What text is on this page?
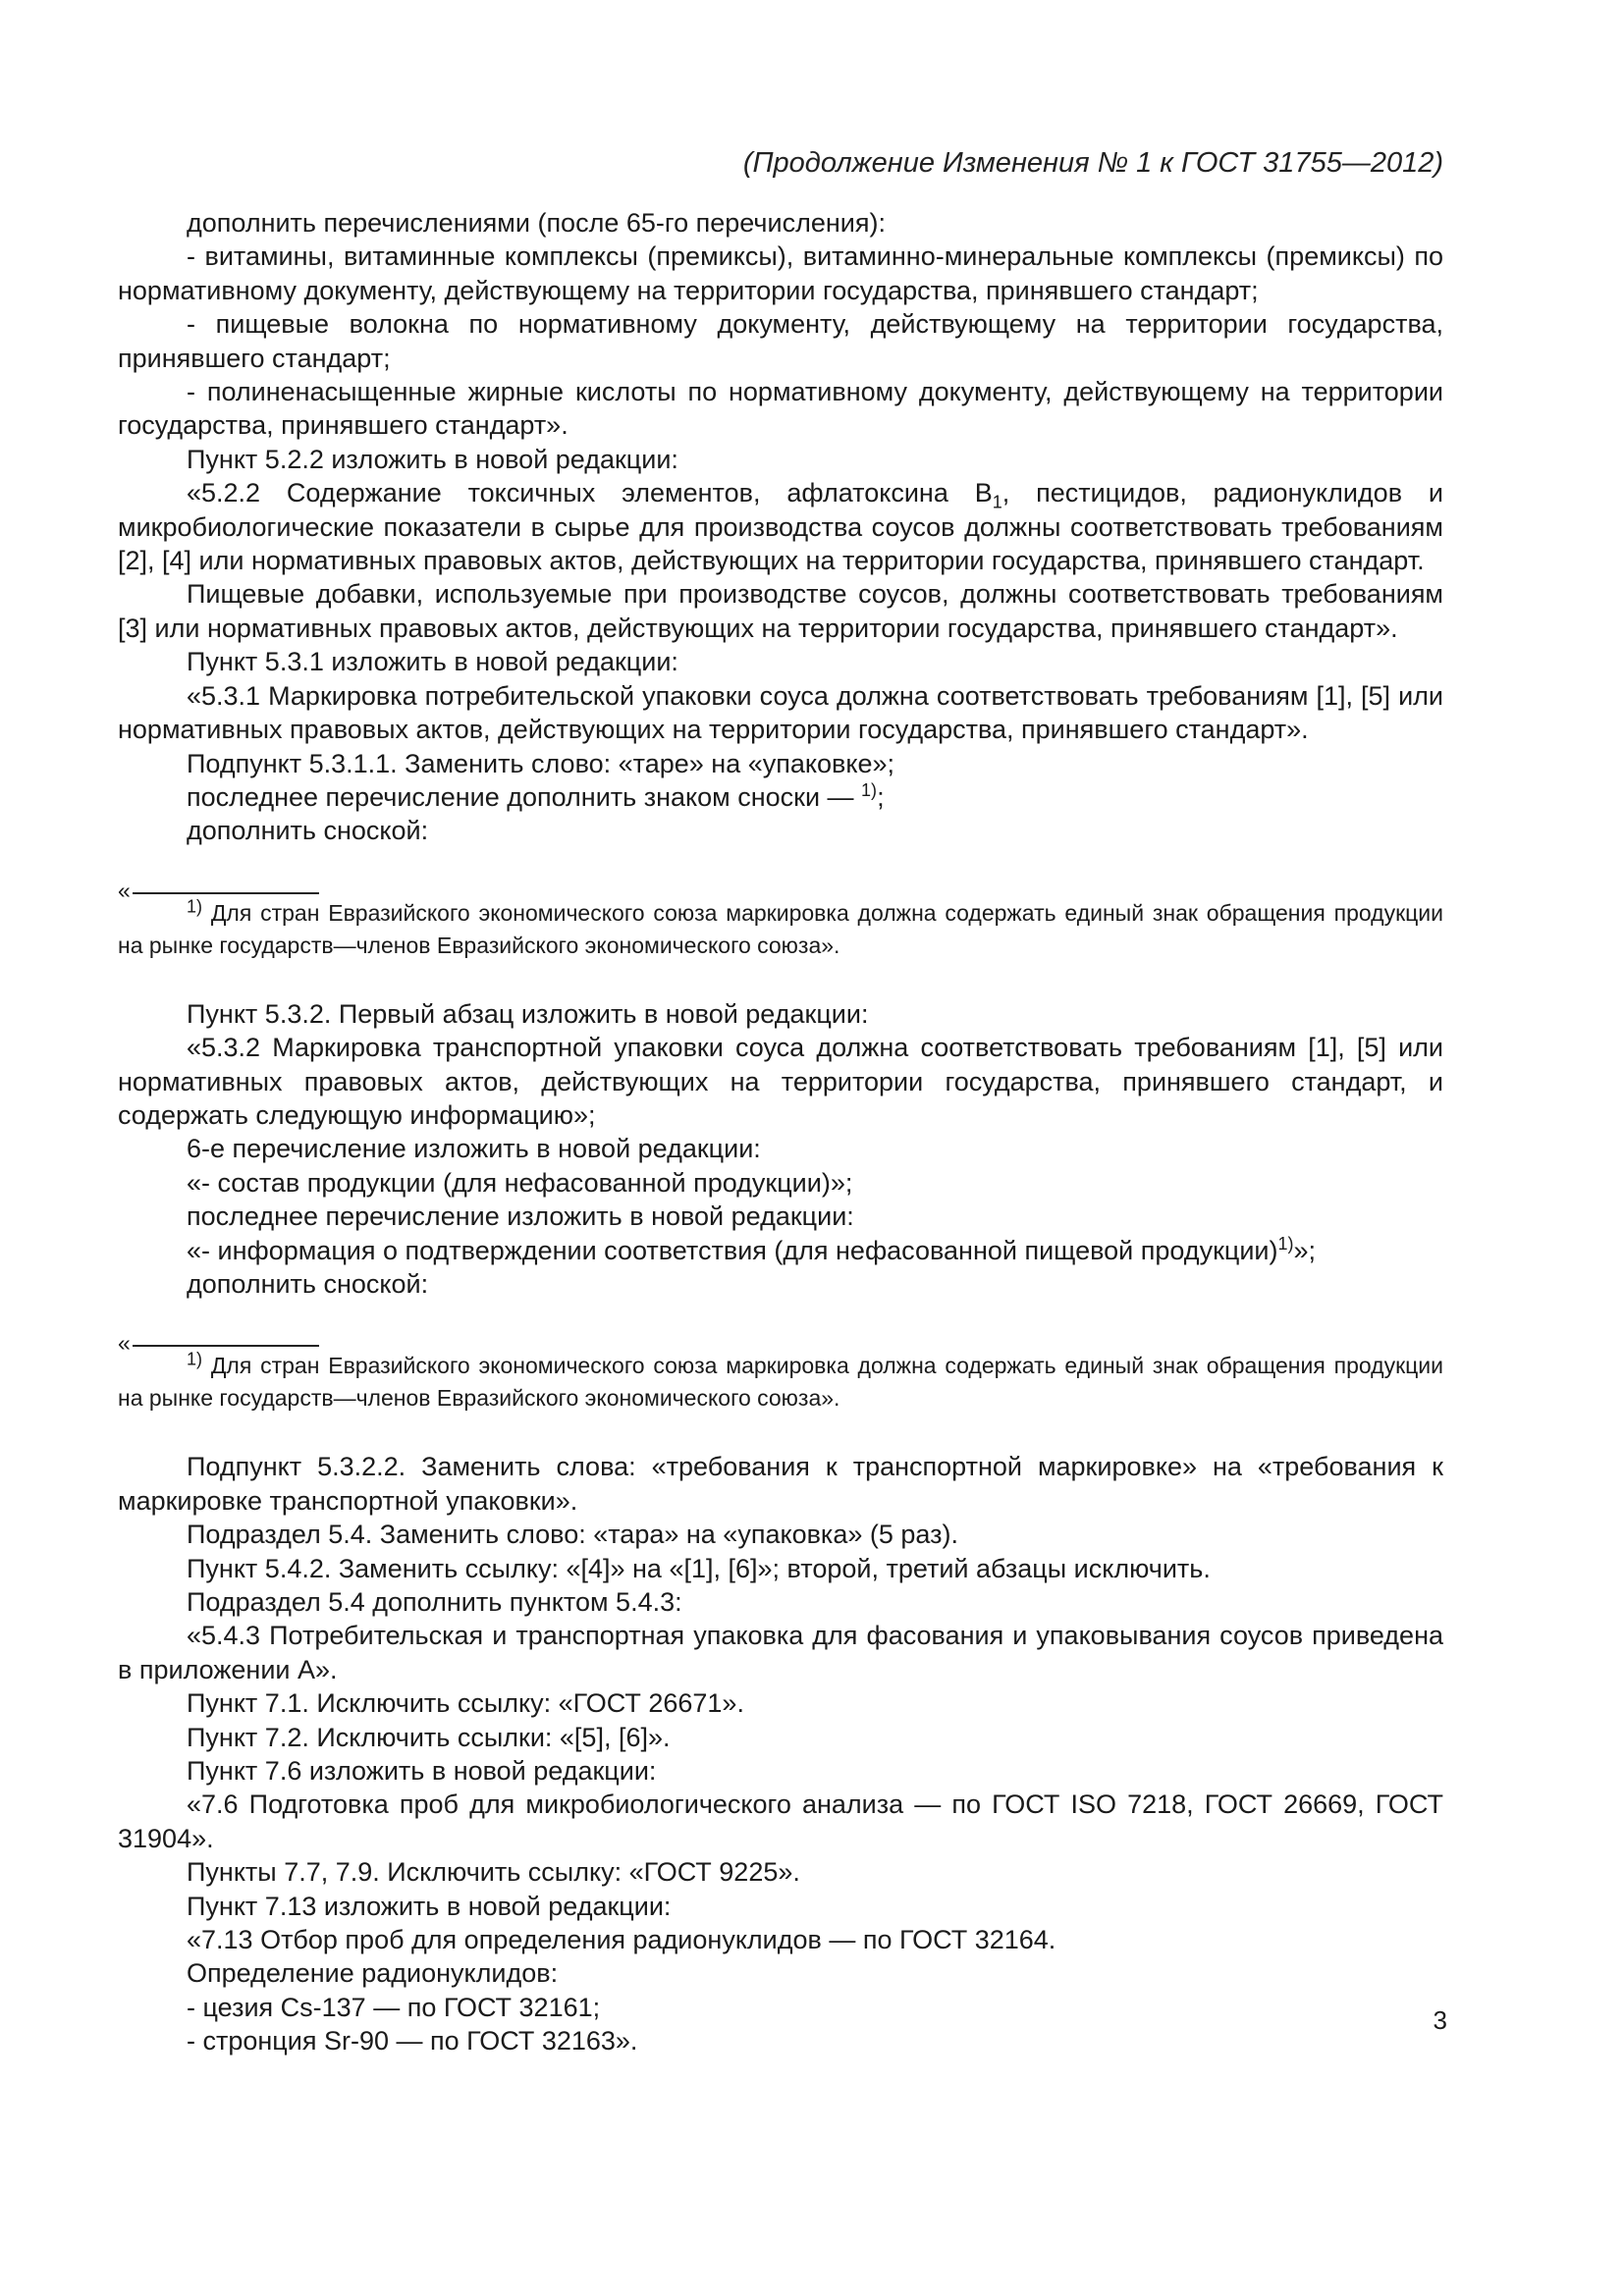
(Продолжение Изменения № 1 к ГОСТ 31755—2012)

дополнить перечислениями (после 65-го перечисления):

- витамины, витаминные комплексы (премиксы), витаминно-минеральные комплексы (премиксы) по нормативному документу, действующему на территории государства, принявшего стандарт;

- пищевые волокна по нормативному документу, действующему на территории государства, принявшего стандарт;

- полиненасыщенные жирные кислоты по нормативному документу, действующему на территории государства, принявшего стандарт».

Пункт 5.2.2 изложить в новой редакции:

«5.2.2 Содержание токсичных элементов, афлатоксина $B_1$, пестицидов, радионуклидов и микробиологические показатели в сырье для производства соусов должны соответствовать требованиям [2], [4] или нормативных правовых актов, действующих на территории государства, принявшего стандарт.

Пищевые добавки, используемые при производстве соусов, должны соответствовать требованиям [3] или нормативных правовых актов, действующих на территории государства, принявшего стандарт».

Пункт 5.3.1 изложить в новой редакции:

«5.3.1 Маркировка потребительской упаковки соуса должна соответствовать требованиям [1], [5] или нормативных правовых актов, действующих на территории государства, принявшего стандарт».

Подпункт 5.3.1.1. Заменить слово: «таре» на «упаковке»;

последнее перечисление дополнить знаком сноски — $^{1)}$;

дополнить сноской:

«

$^{1)}$ Для стран Евразийского экономического союза маркировка должна содержать единый знак обращения продукции на рынке государств—членов Евразийского экономического союза».

Пункт 5.3.2. Первый абзац изложить в новой редакции:

«5.3.2 Маркировка транспортной упаковки соуса должна соответствовать требованиям [1], [5] или нормативных правовых актов, действующих на территории государства, принявшего стандарт, и содержать следующую информацию»;

6-е перечисление изложить в новой редакции:

«- состав продукции (для нефасованной продукции)»;

последнее перечисление изложить в новой редакции:

«- информация о подтверждении соответствия (для нефасованной пищевой продукции)$^{1)}$»;

дополнить сноской:

«

$^{1)}$ Для стран Евразийского экономического союза маркировка должна содержать единый знак обращения продукции на рынке государств—членов Евразийского экономического союза».

Подпункт 5.3.2.2. Заменить слова: «требования к транспортной маркировке» на «требования к маркировке транспортной упаковки».

Подраздел 5.4. Заменить слово: «тара» на «упаковка» (5 раз).

Пункт 5.4.2. Заменить ссылку: «[4]» на «[1], [6]»; второй, третий абзацы исключить.

Подраздел 5.4 дополнить пунктом 5.4.3:

«5.4.3 Потребительская и транспортная упаковка для фасования и упаковывания соусов приведена в приложении А».

Пункт 7.1. Исключить ссылку: «ГОСТ 26671».

Пункт 7.2. Исключить ссылки: «[5], [6]».

Пункт 7.6 изложить в новой редакции:

«7.6 Подготовка проб для микробиологического анализа — по ГОСТ ISO 7218, ГОСТ 26669, ГОСТ 31904».

Пункты 7.7, 7.9. Исключить ссылку: «ГОСТ 9225».

Пункт 7.13 изложить в новой редакции:

«7.13 Отбор проб для определения радионуклидов — по ГОСТ 32164.

Определение радионуклидов:

- цезия Cs-137 — по ГОСТ 32161;

- стронция Sr-90 — по ГОСТ 32163».

3
